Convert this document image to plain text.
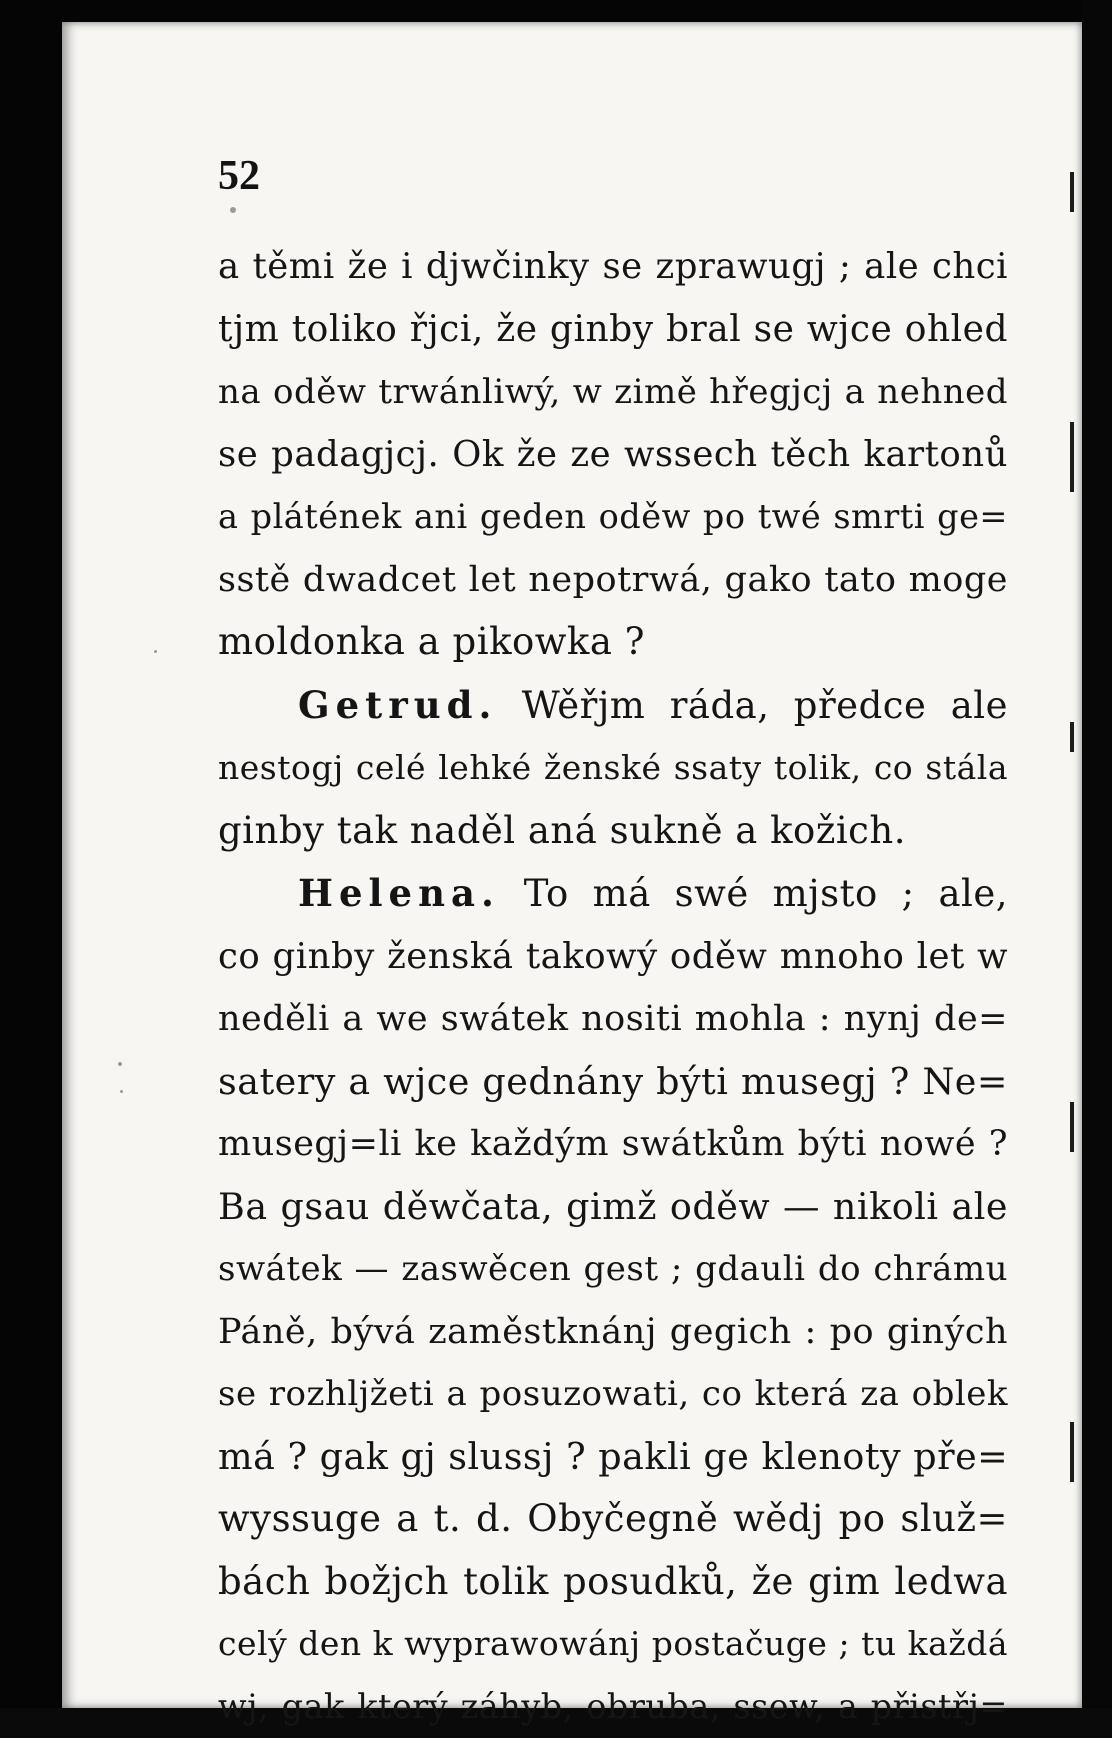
52

a těmi že i djwčinky se zprawugj ; ale chci

tjm toliko řjci, že ginby bral se wjce ohled

na oděw trwánliwý, w zimě hřegjcj a nehned

se padagjcj. Ok že ze wssech těch kartonů

a plátének ani geden oděw po twé smrti ge=

sstě dwadcet let nepotrwá, gako tato moge

moldonka a pikowka ?

Getrud. Wěřjm ráda, předce ale

nestogj celé lehké ženské ssaty tolik, co stála

ginby tak naděl aná sukně a kožich.

Helena. To má swé mjsto ; ale,

co ginby ženská takowý oděw mnoho let w

neděli a we swátek nositi mohla : nynj de=

satery a wjce gednány býti musegj ? Ne=

musegj=li ke každým swátkům býti nowé ?

Ba gsau děwčata, gimž oděw — nikoli ale

swátek — zaswěcen gest ; gdauli do chrámu

Páně, bývá zaměstknánj gegich : po giných

se rozhljžeti a posuzowati, co která za oblek

má ? gak gj slussj ? pakli ge klenoty pře=

wyssuge a t. d. Obyčegně wědj po služ=

bách božjch tolik posudků, že gim ledwa

celý den k wyprawowánj postačuge ; tu každá

wj, gak který záhyb, obruba, ssew, a přistřj=
